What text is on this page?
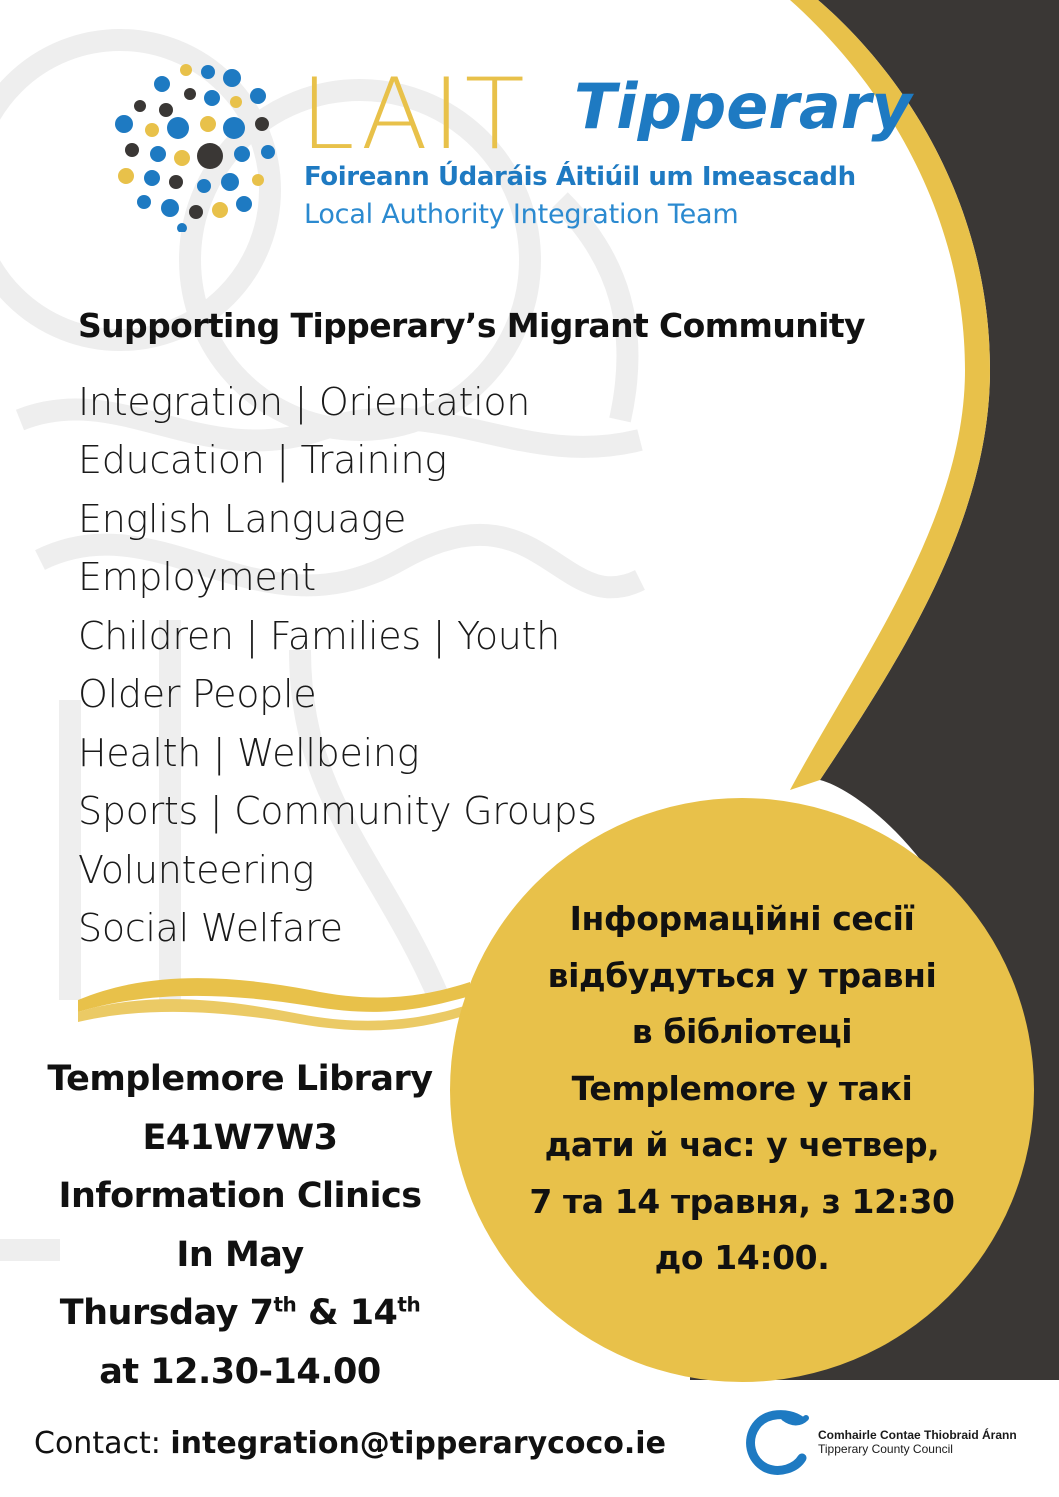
LAIT Tipperary
Foireann Údaráis Áitiúil um Imeascadh
Local Authority Integration Team
Supporting Tipperary’s Migrant Community
Integration | Orientation
Education | Training
English Language
Employment
Children | Families | Youth
Older People
Health | Wellbeing
Sports | Community Groups
Volunteering
Social Welfare
Templemore Library
E41W7W3
Information Clinics
In May
Thursday 7th & 14th
at 12.30-14.00
Інформаційні сесії
відбудуться у травні
в бібліотеці
Templemore у такі
дати й час: у четвер,
7 та 14 травня, з 12:30
до 14:00.
Contact: integration@tipperarycoco.ie	Comhairle Contae Thiobraid Árann
Tipperary County Council
